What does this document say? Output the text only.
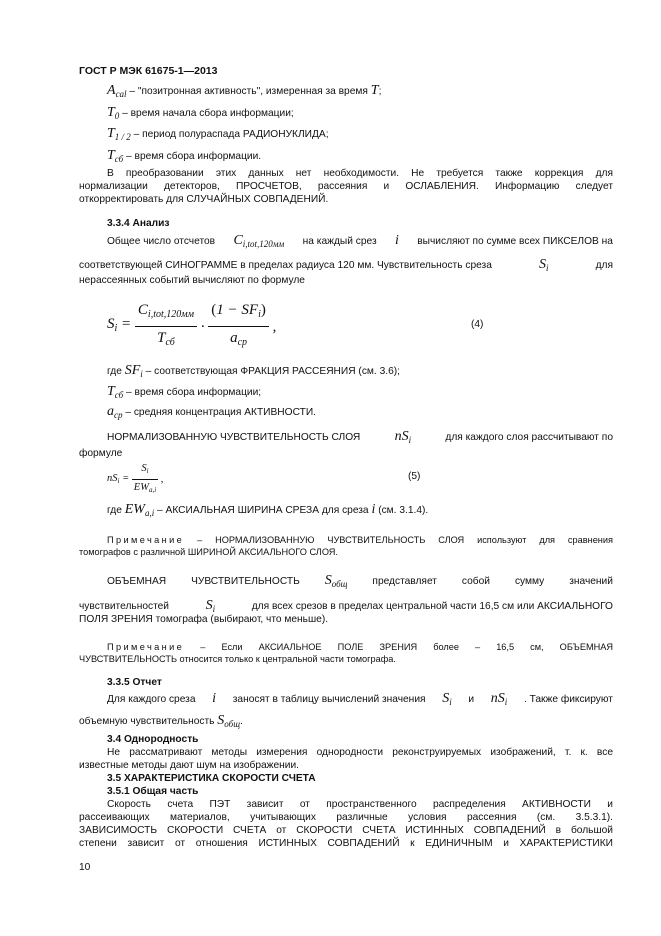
ГОСТ Р МЭК 61675-1—2013
$A_{cal}$ – "позитронная активность", измеренная за время T;
$T_0$ – время начала сбора информации;
$T_{1 / 2}$ – период полураспада РАДИОНУКЛИДА;
$T_{сб}$ – время сбора информации.
В преобразовании этих данных нет необходимости. Не требуется также коррекция для
нормализации детекторов, ПРОСЧЕТОВ, рассеяния и ОСЛАБЛЕНИЯ. Информацию следует
откорректировать для СЛУЧАЙНЫХ СОВПАДЕНИЙ.
3.3.4 Анализ
Общее число отсчетов $C_{i,tot,120мм}$ на каждый срез i вычисляют по сумме всех ПИКСЕЛОВ на
соответствующей СИНОГРАММЕ в пределах радиуса 120 мм. Чувствительность среза	$S_i$	для
нерассеянных событий вычисляют по формуле
$S_i = \frac{C_{i,tot,120мм}}{T_{сб}} \cdot \frac{(1 - SF_i)}{a_{cp}}$ ,	(4)
где $SF_i$ – соответствующая ФРАКЦИЯ РАССЕЯНИЯ (см. 3.6);
$T_{сб}$ – время сбора информации;
$a_{cp}$ – средняя концентрация АКТИВНОСТИ.
НОРМАЛИЗОВАННУЮ ЧУВСТВИТЕЛЬНОСТЬ СЛОЯ $nS_i$	для каждого слоя рассчитывают по
формуле
$nS_i = \frac{S_i}{EW_{a,i}}$ ,	(5)
где $EW_{a,i}$ – АКСИАЛЬНАЯ ШИРИНА СРЕЗА для среза i (см. 3.1.4).
Примечание – НОРМАЛИЗОВАННУЮ ЧУВСТВИТЕЛЬНОСТЬ СЛОЯ используют для сравнения
томографов с различной ШИРИНОЙ АКСИАЛЬНОГО СЛОЯ.
ОБЪЕМНАЯ ЧУВСТВИТЕЛЬНОСТЬ $S_{общ}$ представляет собой сумму значений
чувствительностей	$S_i$	для всех срезов в пределах центральной части 16,5 см или АКСИАЛЬНОГО
ПОЛЯ ЗРЕНИЯ томографа (выбирают, что меньше).
Примечание – Если АКСИАЛЬНОЕ ПОЛЕ ЗРЕНИЯ более – 16,5 см, ОБЪЕМНАЯ
ЧУВСТВИТЕЛЬНОСТЬ относится только к центральной части томографа.
3.3.5 Отчет
Для каждого среза i заносят в таблицу вычислений значения $S_i$ и $nS_i$ . Также фиксируют
объемную чувствительность $S_{общ}$.
3.4 Однородность
Не рассматривают методы измерения однородности реконструируемых изображений, т. к. все
известные методы дают шум на изображении.
3.5 ХАРАКТЕРИСТИКА СКОРОСТИ СЧЕТА
3.5.1 Общая часть
Скорость счета ПЭТ зависит от пространственного распределения АКТИВНОСТИ и
рассеивающих материалов, учитывающих различные условия рассеяния (см. 3.5.3.1).
ЗАВИСИМОСТЬ СКОРОСТИ СЧЕТА от СКОРОСТИ СЧЕТА ИСТИННЫХ СОВПАДЕНИЙ в большой
степени зависит от отношения ИСТИННЫХ СОВПАДЕНИЙ к ЕДИНИЧНЫМ и ХАРАКТЕРИСТИКИ
10
